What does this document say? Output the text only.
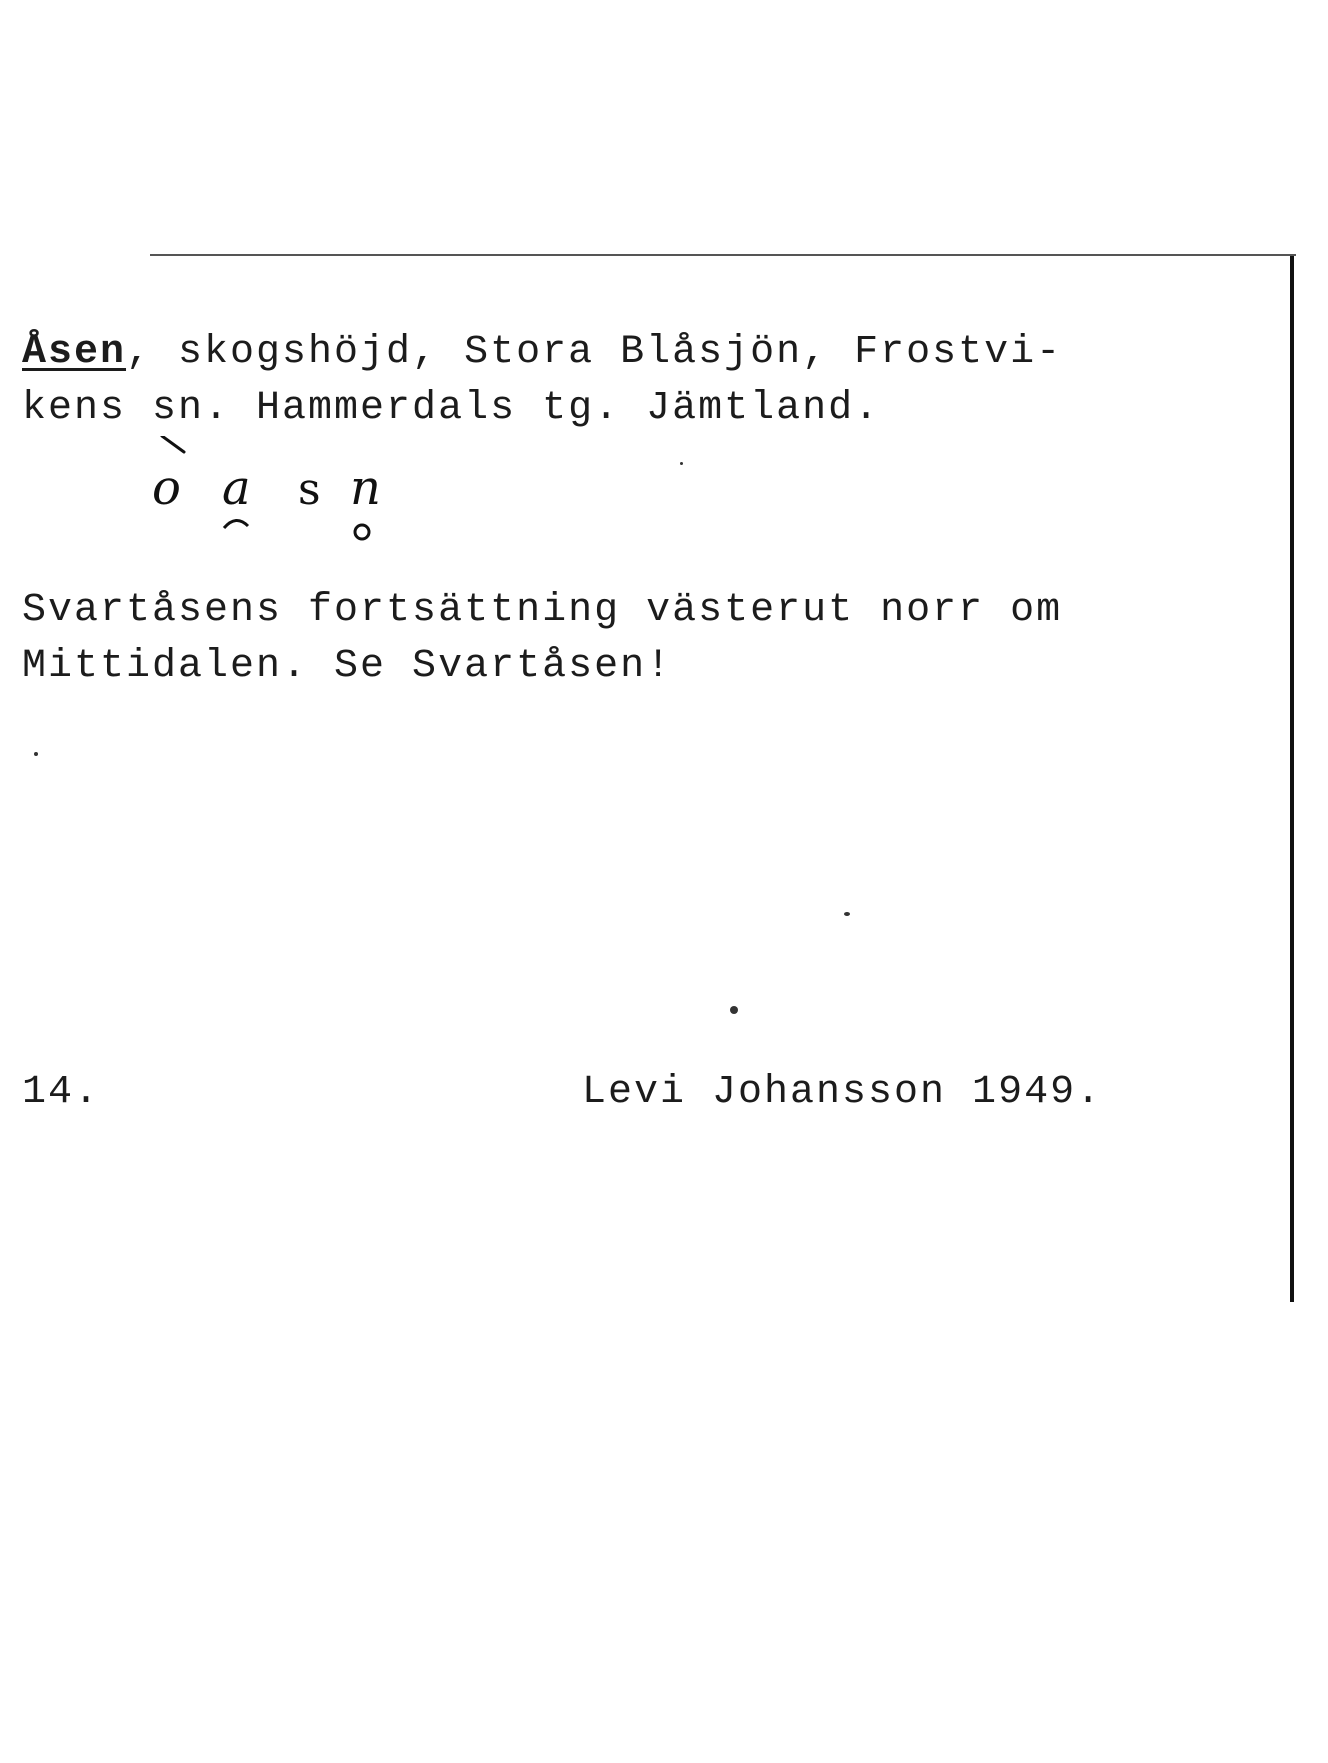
Åsen, skogshöjd, Stora Blåsjön, Frostvi-
kens sn. Hammerdals tg. Jämtland.
o a s n
Svartåsens fortsättning västerut norr om
Mittidalen. Se Svartåsen!
14.	Levi Johansson 1949.
